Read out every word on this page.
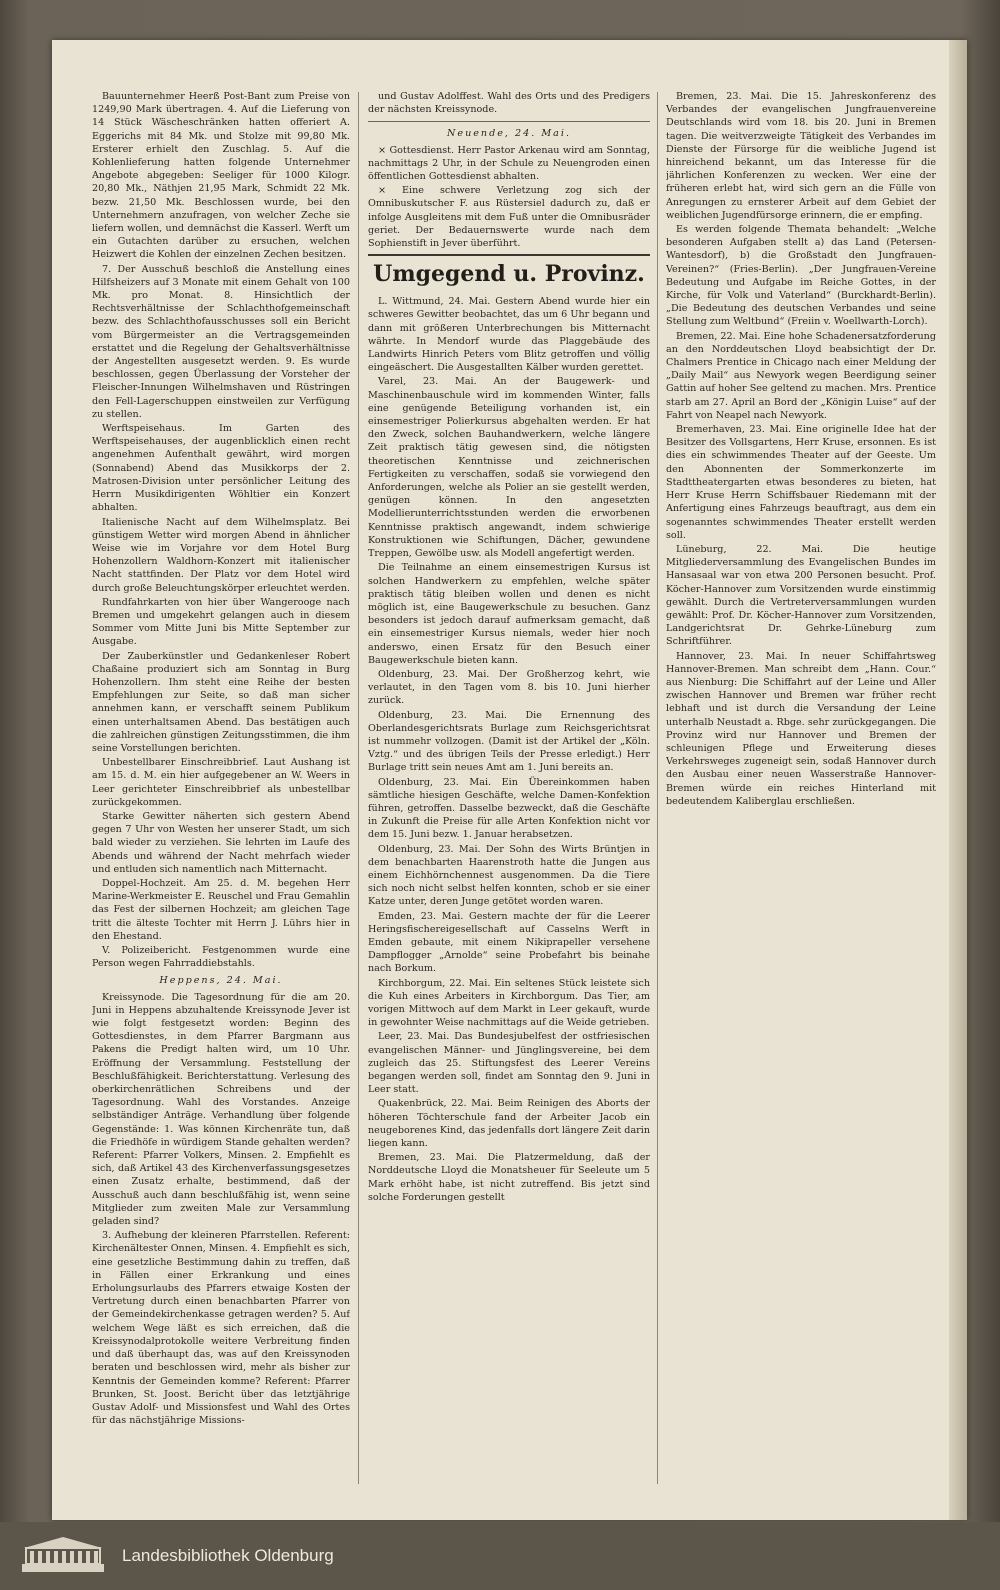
Bauunternehmer Heerß Post-Bant zum Preise von 1249,90 Mark übertragen. 4. Auf die Lieferung von 14 Stück Wäscheschränken hatten offeriert A. Eggerichs mit 84 Mk. und Stolze mit 99,80 Mk. Ersterer erhielt den Zuschlag. 5. Auf die Kohlenlieferung hatten folgende Unternehmer Angebote abgegeben: Seeliger für 1000 Kilogr. 20,80 Mk., Näthjen 21,95 Mark, Schmidt 22 Mk. bezw. 21,50 Mk. Beschlossen wurde, bei den Unternehmern anzufragen, von welcher Zeche sie liefern wollen, und demnächst die Kasserl. Werft um ein Gutachten darüber zu ersuchen, welchen Heizwert die Kohlen der einzelnen Zechen besitzen.

7. Der Ausschuß beschloß die Anstellung eines Hilfsheizers auf 3 Monate mit einem Gehalt von 100 Mk. pro Monat. 8. Hinsichtlich der Rechtsverhältnisse der Schlachthofgemeinschaft bezw. des Schlachthofausschusses soll ein Bericht vom Bürgermeister an die Vertragsgemeinden erstattet und die Regelung der Gehaltsverhältnisse der Angestellten ausgesetzt werden. 9. Es wurde beschlossen, gegen Überlassung der Vorsteher der Fleischer-Innungen Wilhelmshaven und Rüstringen den Fell-Lagerschuppen einstweilen zur Verfügung zu stellen.

Werftspeisehaus. Im Garten des Werftspeisehauses, der augenblicklich einen recht angenehmen Aufenthalt gewährt, wird morgen (Sonnabend) Abend das Musikkorps der 2. Matrosen-Division unter persönlicher Leitung des Herrn Musikdirigenten Wöhltier ein Konzert abhalten.

Italienische Nacht auf dem Wilhelmsplatz. Bei günstigem Wetter wird morgen Abend in ähnlicher Weise wie im Vorjahre vor dem Hotel Burg Hohenzollern Waldhorn-Konzert mit italienischer Nacht stattfinden. Der Platz vor dem Hotel wird durch große Beleuchtungskörper erleuchtet werden.

Rundfahrkarten von hier über Wangerooge nach Bremen und umgekehrt gelangen auch in diesem Sommer vom Mitte Juni bis Mitte September zur Ausgabe.

Der Zauberkünstler und Gedankenleser Robert Chaßaine produziert sich am Sonntag in Burg Hohenzollern. Ihm steht eine Reihe der besten Empfehlungen zur Seite, so daß man sicher annehmen kann, er verschafft seinem Publikum einen unterhaltsamen Abend. Das bestätigen auch die zahlreichen günstigen Zeitungsstimmen, die ihm seine Vorstellungen berichten.

Unbestellbarer Einschreibbrief. Laut Aushang ist am 15. d. M. ein hier aufgegebener an W. Weers in Leer gerichteter Einschreibbrief als unbestellbar zurückgekommen.

Starke Gewitter näherten sich gestern Abend gegen 7 Uhr von Westen her unserer Stadt, um sich bald wieder zu verziehen. Sie lehrten im Laufe des Abends und während der Nacht mehrfach wieder und entluden sich namentlich nach Mitternacht.

Doppel-Hochzeit. Am 25. d. M. begehen Herr Marine-Werkmeister E. Reuschel und Frau Gemahlin das Fest der silbernen Hochzeit; am gleichen Tage tritt die älteste Tochter mit Herrn J. Lührs hier in den Ehestand.

V. Polizeibericht. Festgenommen wurde eine Person wegen Fahrraddiebstahls.

Heppens, 24. Mai.

Kreissynode. Die Tagesordnung für die am 20. Juni in Heppens abzuhaltende Kreissynode Jever ist wie folgt festgesetzt worden: Beginn des Gottesdienstes, in dem Pfarrer Bargmann aus Pakens die Predigt halten wird, um 10 Uhr. Eröffnung der Versammlung. Feststellung der Beschlußfähigkeit. Berichterstattung. Verlesung des oberkirchenrätlichen Schreibens und der Tagesordnung. Wahl des Vorstandes. Anzeige selbständiger Anträge. Verhandlung über folgende Gegenstände: 1. Was können Kirchenräte tun, daß die Friedhöfe in würdigem Stande gehalten werden? Referent: Pfarrer Volkers, Minsen. 2. Empfiehlt es sich, daß Artikel 43 des Kirchenverfassungsgesetzes einen Zusatz erhalte, bestimmend, daß der Ausschuß auch dann beschlußfähig ist, wenn seine Mitglieder zum zweiten Male zur Versammlung geladen sind?

3. Aufhebung der kleineren Pfarrstellen. Referent: Kirchenältester Onnen, Minsen. 4. Empfiehlt es sich, eine gesetzliche Bestimmung dahin zu treffen, daß in Fällen einer Erkrankung und eines Erholungsurlaubs des Pfarrers etwaige Kosten der Vertretung durch einen benachbarten Pfarrer von der Gemeindekirchenkasse getragen werden? 5. Auf welchem Wege läßt es sich erreichen, daß die Kreissynodalprotokolle weitere Verbreitung finden und daß überhaupt das, was auf den Kreissynoden beraten und beschlossen wird, mehr als bisher zur Kenntnis der Gemeinden komme? Referent: Pfarrer Brunken, St. Joost. Bericht über das letztjährige Gustav Adolf- und Missionsfest und Wahl des Ortes für das nächstjährige Missions-

und Gustav Adolffest. Wahl des Orts und des Predigers der nächsten Kreissynode.

Neuende, 24. Mai.

× Gottesdienst. Herr Pastor Arkenau wird am Sonntag, nachmittags 2 Uhr, in der Schule zu Neuengroden einen öffentlichen Gottesdienst abhalten.

× Eine schwere Verletzung zog sich der Omnibuskutscher F. aus Rüstersiel dadurch zu, daß er infolge Ausgleitens mit dem Fuß unter die Omnibusräder geriet. Der Bedauernswerte wurde nach dem Sophienstift in Jever überführt.

Umgegend u. Provinz.

L. Wittmund, 24. Mai. Gestern Abend wurde hier ein schweres Gewitter beobachtet, das um 6 Uhr begann und dann mit größeren Unterbrechungen bis Mitternacht währte. In Mendorf wurde das Plaggebäude des Landwirts Hinrich Peters vom Blitz getroffen und völlig eingeäschert. Die Ausgestallten Kälber wurden gerettet.

Varel, 23. Mai. An der Baugewerk- und Maschinenbauschule wird im kommenden Winter, falls eine genügende Beteiligung vorhanden ist, ein einsemestriger Polierkursus abgehalten werden. Er hat den Zweck, solchen Bauhandwerkern, welche längere Zeit praktisch tätig gewesen sind, die nötigsten theoretischen Kenntnisse und zeichnerischen Fertigkeiten zu verschaffen, sodaß sie vorwiegend den Anforderungen, welche als Polier an sie gestellt werden, genügen können. In den angesetzten Modellierunterrichtsstunden werden die erworbenen Kenntnisse praktisch angewandt, indem schwierige Konstruktionen wie Schiftungen, Dächer, gewundene Treppen, Gewölbe usw. als Modell angefertigt werden.

Die Teilnahme an einem einsemestrigen Kursus ist solchen Handwerkern zu empfehlen, welche später praktisch tätig bleiben wollen und denen es nicht möglich ist, eine Baugewerkschule zu besuchen. Ganz besonders ist jedoch darauf aufmerksam gemacht, daß ein einsemestriger Kursus niemals, weder hier noch anderswo, einen Ersatz für den Besuch einer Baugewerkschule bieten kann.

Oldenburg, 23. Mai. Der Großherzog kehrt, wie verlautet, in den Tagen vom 8. bis 10. Juni hierher zurück.

Oldenburg, 23. Mai. Die Ernennung des Oberlandesgerichtsrats Burlage zum Reichsgerichtsrat ist nummehr vollzogen. (Damit ist der Artikel der „Köln. Vztg.“ und des übrigen Teils der Presse erledigt.) Herr Burlage tritt sein neues Amt am 1. Juni bereits an.

Oldenburg, 23. Mai. Ein Übereinkommen haben sämtliche hiesigen Geschäfte, welche Damen-Konfektion führen, getroffen. Dasselbe bezweckt, daß die Geschäfte in Zukunft die Preise für alle Arten Konfektion nicht vor dem 15. Juni bezw. 1. Januar herabsetzen.

Oldenburg, 23. Mai. Der Sohn des Wirts Brüntjen in dem benachbarten Haarenstroth hatte die Jungen aus einem Eichhörnchennest ausgenommen. Da die Tiere sich noch nicht selbst helfen konnten, schob er sie einer Katze unter, deren Junge getötet worden waren.

Emden, 23. Mai. Gestern machte der für die Leerer Heringsfischereigesellschaft auf Casselns Werft in Emden gebaute, mit einem Nikiprapeller versehene Dampflogger „Arnolde“ seine Probefahrt bis beinahe nach Borkum.

Kirchborgum, 22. Mai. Ein seltenes Stück leistete sich die Kuh eines Arbeiters in Kirchborgum. Das Tier, am vorigen Mittwoch auf dem Markt in Leer gekauft, wurde in gewohnter Weise nachmittags auf die Weide getrieben.

Leer, 23. Mai. Das Bundesjubelfest der ostfriesischen evangelischen Männer- und Jünglingsvereine, bei dem zugleich das 25. Stiftungsfest des Leerer Vereins begangen werden soll, findet am Sonntag den 9. Juni in Leer statt.

Quakenbrück, 22. Mai. Beim Reinigen des Aborts der höheren Töchterschule fand der Arbeiter Jacob ein neugeborenes Kind, das jedenfalls dort längere Zeit darin liegen kann.

Bremen, 23. Mai. Die Platzermeldung, daß der Norddeutsche Lloyd die Monatsheuer für Seeleute um 5 Mark erhöht habe, ist nicht zutreffend. Bis jetzt sind solche Forderungen gestellt

Bremen, 23. Mai. Die 15. Jahreskonferenz des Verbandes der evangelischen Jungfrauenvereine Deutschlands wird vom 18. bis 20. Juni in Bremen tagen. Die weitverzweigte Tätigkeit des Verbandes im Dienste der Fürsorge für die weibliche Jugend ist hinreichend bekannt, um das Interesse für die jährlichen Konferenzen zu wecken. Wer eine der früheren erlebt hat, wird sich gern an die Fülle von Anregungen zu ernsterer Arbeit auf dem Gebiet der weiblichen Jugendfürsorge erinnern, die er empfing.

Es werden folgende Themata behandelt: „Welche besonderen Aufgaben stellt a) das Land (Petersen-Wantesdorf), b) die Großstadt den Jungfrauen-Vereinen?“ (Fries-Berlin). „Der Jungfrauen-Vereine Bedeutung und Aufgabe im Reiche Gottes, in der Kirche, für Volk und Vaterland“ (Burckhardt-Berlin). „Die Bedeutung des deutschen Verbandes und seine Stellung zum Weltbund“ (Freiin v. Woellwarth-Lorch).

Bremen, 22. Mai. Eine hohe Schadenersatzforderung an den Norddeutschen Lloyd beabsichtigt der Dr. Chalmers Prentice in Chicago nach einer Meldung der „Daily Mail“ aus Newyork wegen Beerdigung seiner Gattin auf hoher See geltend zu machen. Mrs. Prentice starb am 27. April an Bord der „Königin Luise“ auf der Fahrt von Neapel nach Newyork.

Bremerhaven, 23. Mai. Eine originelle Idee hat der Besitzer des Vollsgartens, Herr Kruse, ersonnen. Es ist dies ein schwimmendes Theater auf der Geeste. Um den Abonnenten der Sommerkonzerte im Stadttheatergarten etwas besonderes zu bieten, hat Herr Kruse Herrn Schiffsbauer Riedemann mit der Anfertigung eines Fahrzeugs beauftragt, aus dem ein sogenanntes schwimmendes Theater erstellt werden soll.

Lüneburg, 22. Mai. Die heutige Mitgliederversammlung des Evangelischen Bundes im Hansasaal war von etwa 200 Personen besucht. Prof. Köcher-Hannover zum Vorsitzenden wurde einstimmig gewählt. Durch die Vertreterversammlungen wurden gewählt: Prof. Dr. Köcher-Hannover zum Vorsitzenden, Landgerichtsrat Dr. Gehrke-Lüneburg zum Schriftführer.

Hannover, 23. Mai. In neuer Schiffahrtsweg Hannover-Bremen. Man schreibt dem „Hann. Cour.“ aus Nienburg: Die Schiffahrt auf der Leine und Aller zwischen Hannover und Bremen war früher recht lebhaft und ist durch die Versandung der Leine unterhalb Neustadt a. Rbge. sehr zurückgegangen. Die Provinz wird nur Hannover und Bremen der schleunigen Pflege und Erweiterung dieses Verkehrsweges zugeneigt sein, sodaß Hannover durch den Ausbau einer neuen Wasserstraße Hannover-Bremen würde ein reiches Hinterland mit bedeutendem Kaliberglau erschließen.

Landesbibliothek Oldenburg
